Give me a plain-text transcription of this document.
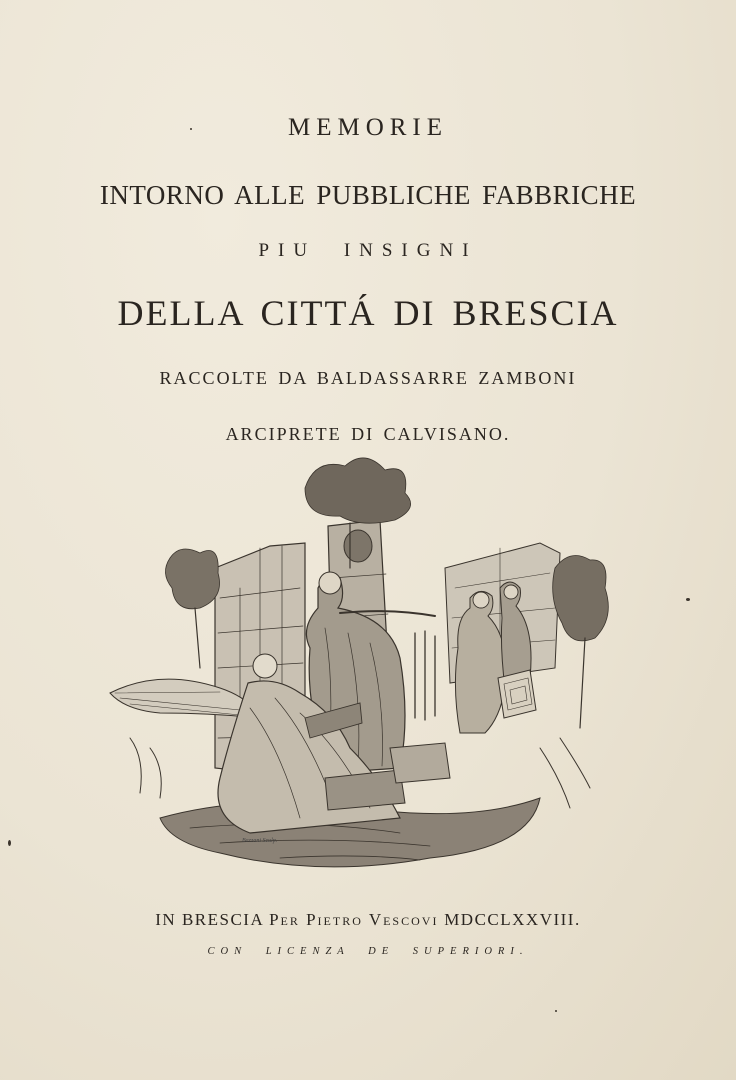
MEMORIE
INTORNO ALLE PUBBLICHE FABBRICHE
PIU INSIGNI
DELLA CITTÁ DI BRESCIA
RACCOLTE DA BALDASSARRE ZAMBONI
ARCIPRETE DI CALVISANO.
Bazzani Sculp.
IN BRESCIA Per Pietro Vescovi MDCCLXXVIII.
CON LICENZA DE SUPERIORI.
